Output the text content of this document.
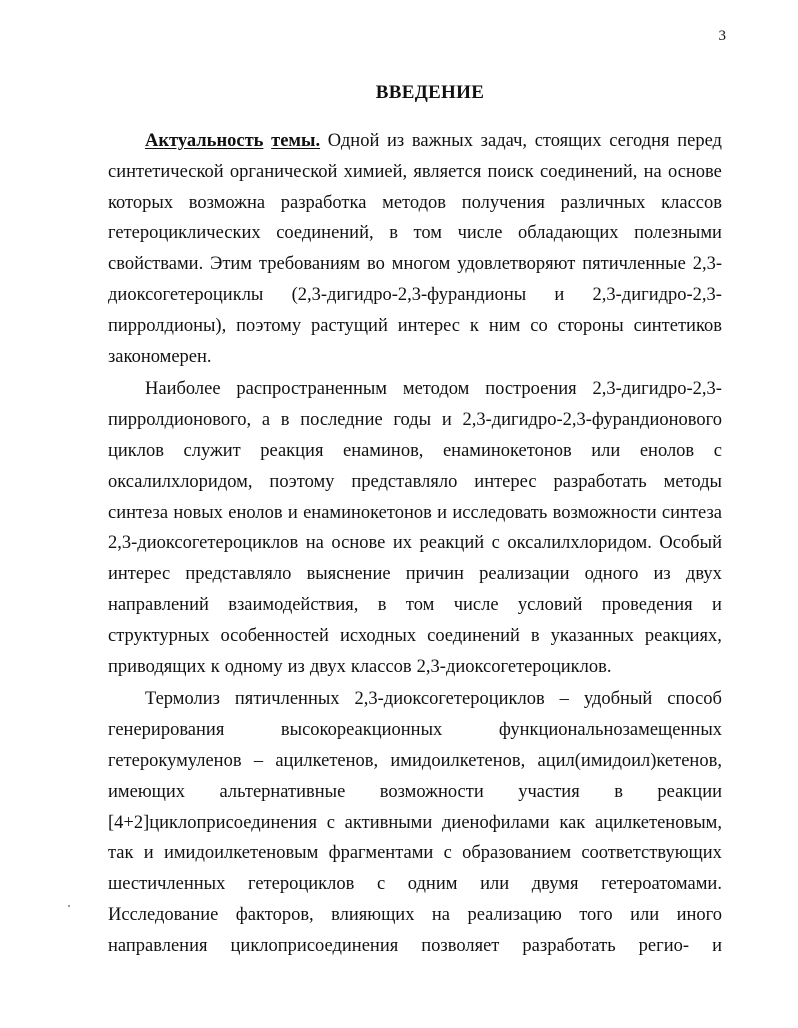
3
ВВЕДЕНИЕ
Актуальность темы. Одной из важных задач, стоящих сегодня перед
синтетической органической химией, является поиск соединений, на основе
которых возможна разработка методов получения различных классов
гетероциклических соединений, в том числе обладающих полезными
свойствами. Этим требованиям во многом удовлетворяют пятичленные 2,3-
диоксогетероциклы (2,3-дигидро-2,3-фурандионы и 2,3-дигидро-2,3-
пирролдионы), поэтому растущий интерес к ним со стороны синтетиков
закономерен.
Наиболее распространенным методом построения 2,3-дигидро-2,3-
пирролдионового, а в последние годы и 2,3-дигидро-2,3-фурандионового
циклов служит реакция енаминов, енаминокетонов или енолов с
оксалилхлоридом, поэтому представляло интерес разработать методы
синтеза новых енолов и енаминокетонов и исследовать возможности синтеза
2,3-диоксогетероциклов на основе их реакций с оксалилхлоридом. Особый
интерес представляло выяснение причин реализации одного из двух
направлений взаимодействия, в том числе условий проведения и
структурных особенностей исходных соединений в указанных реакциях,
приводящих к одному из двух классов 2,3-диоксогетероциклов.
Термолиз пятичленных 2,3-диоксогетероциклов – удобный способ
генерирования	высокореакционных	функциональнозамещенных
гетерокумуленов – ацилкетенов, имидоилкетенов, ацил(имидоил)кетенов,
имеющих альтернативные возможности участия в реакции
[4+2]циклоприсоединения с активными диенофилами как ацилкетеновым,
так и имидоилкетеновым фрагментами с образованием соответствующих
шестичленных гетероциклов с одним или двумя гетероатомами.
Исследование факторов, влияющих на реализацию того или иного
направления циклоприсоединения позволяет разработать регио- и
